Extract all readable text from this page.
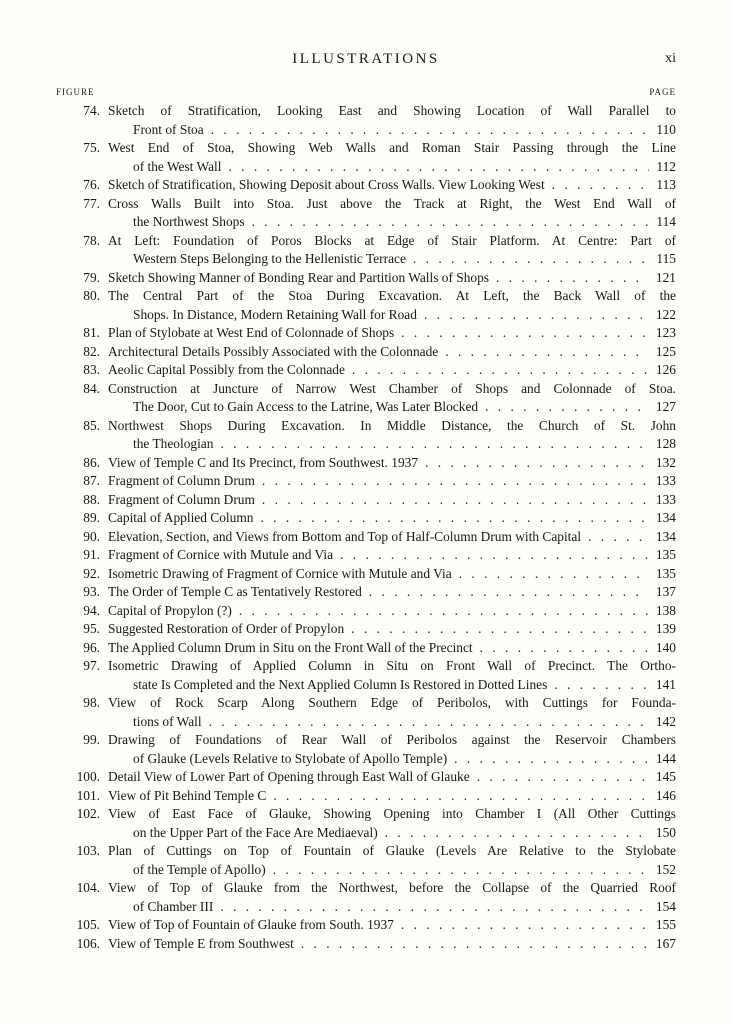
ILLUSTRATIONS	xi
FIGURE	PAGE
74. Sketch of Stratification, Looking East and Showing Location of Wall Parallel to
Front of Stoa . . .	110
75. West End of Stoa, Showing Web Walls and Roman Stair Passing through the Line
of the West Wall . . .	112
76. Sketch of Stratification, Showing Deposit about Cross Walls. View Looking West . . .	113
77. Cross Walls Built into Stoa. Just above the Track at Right, the West End Wall of
the Northwest Shops . . .	114
78. At Left: Foundation of Poros Blocks at Edge of Stair Platform. At Centre: Part of
Western Steps Belonging to the Hellenistic Terrace . . .	115
79. Sketch Showing Manner of Bonding Rear and Partition Walls of Shops . . .	121
80. The Central Part of the Stoa During Excavation. At Left, the Back Wall of the
Shops. In Distance, Modern Retaining Wall for Road . . .	122
81. Plan of Stylobate at West End of Colonnade of Shops . . .	123
82. Architectural Details Possibly Associated with the Colonnade . . .	125
83. Aeolic Capital Possibly from the Colonnade . . .	126
84. Construction at Juncture of Narrow West Chamber of Shops and Colonnade of Stoa.
The Door, Cut to Gain Access to the Latrine, Was Later Blocked . . .	127
85. Northwest Shops During Excavation. In Middle Distance, the Church of St. John
the Theologian . . .	128
86. View of Temple C and Its Precinct, from Southwest. 1937 . . .	132
87. Fragment of Column Drum . . .	133
88. Fragment of Column Drum . . .	133
89. Capital of Applied Column . . .	134
90. Elevation, Section, and Views from Bottom and Top of Half-Column Drum with Capital . . .	134
91. Fragment of Cornice with Mutule and Via . . .	135
92. Isometric Drawing of Fragment of Cornice with Mutule and Via . . .	135
93. The Order of Temple C as Tentatively Restored . . .	137
94. Capital of Propylon (?) . . .	138
95. Suggested Restoration of Order of Propylon . . .	139
96. The Applied Column Drum in Situ on the Front Wall of the Precinct . . .	140
97. Isometric Drawing of Applied Column in Situ on Front Wall of Precinct. The Ortho-
state Is Completed and the Next Applied Column Is Restored in Dotted Lines . . .	141
98. View of Rock Scarp Along Southern Edge of Peribolos, with Cuttings for Founda-
tions of Wall . . .	142
99. Drawing of Foundations of Rear Wall of Peribolos against the Reservoir Chambers
of Glauke (Levels Relative to Stylobate of Apollo Temple) . . .	144
100. Detail View of Lower Part of Opening through East Wall of Glauke . . .	145
101. View of Pit Behind Temple C . . .	146
102. View of East Face of Glauke, Showing Opening into Chamber I (All Other Cuttings
on the Upper Part of the Face Are Mediaeval) . . .	150
103. Plan of Cuttings on Top of Fountain of Glauke (Levels Are Relative to the Stylobate
of the Temple of Apollo) . . .	152
104. View of Top of Glauke from the Northwest, before the Collapse of the Quarried Roof
of Chamber III . . .	154
105. View of Top of Fountain of Glauke from South. 1937 . . .	155
106. View of Temple E from Southwest . . .	167
